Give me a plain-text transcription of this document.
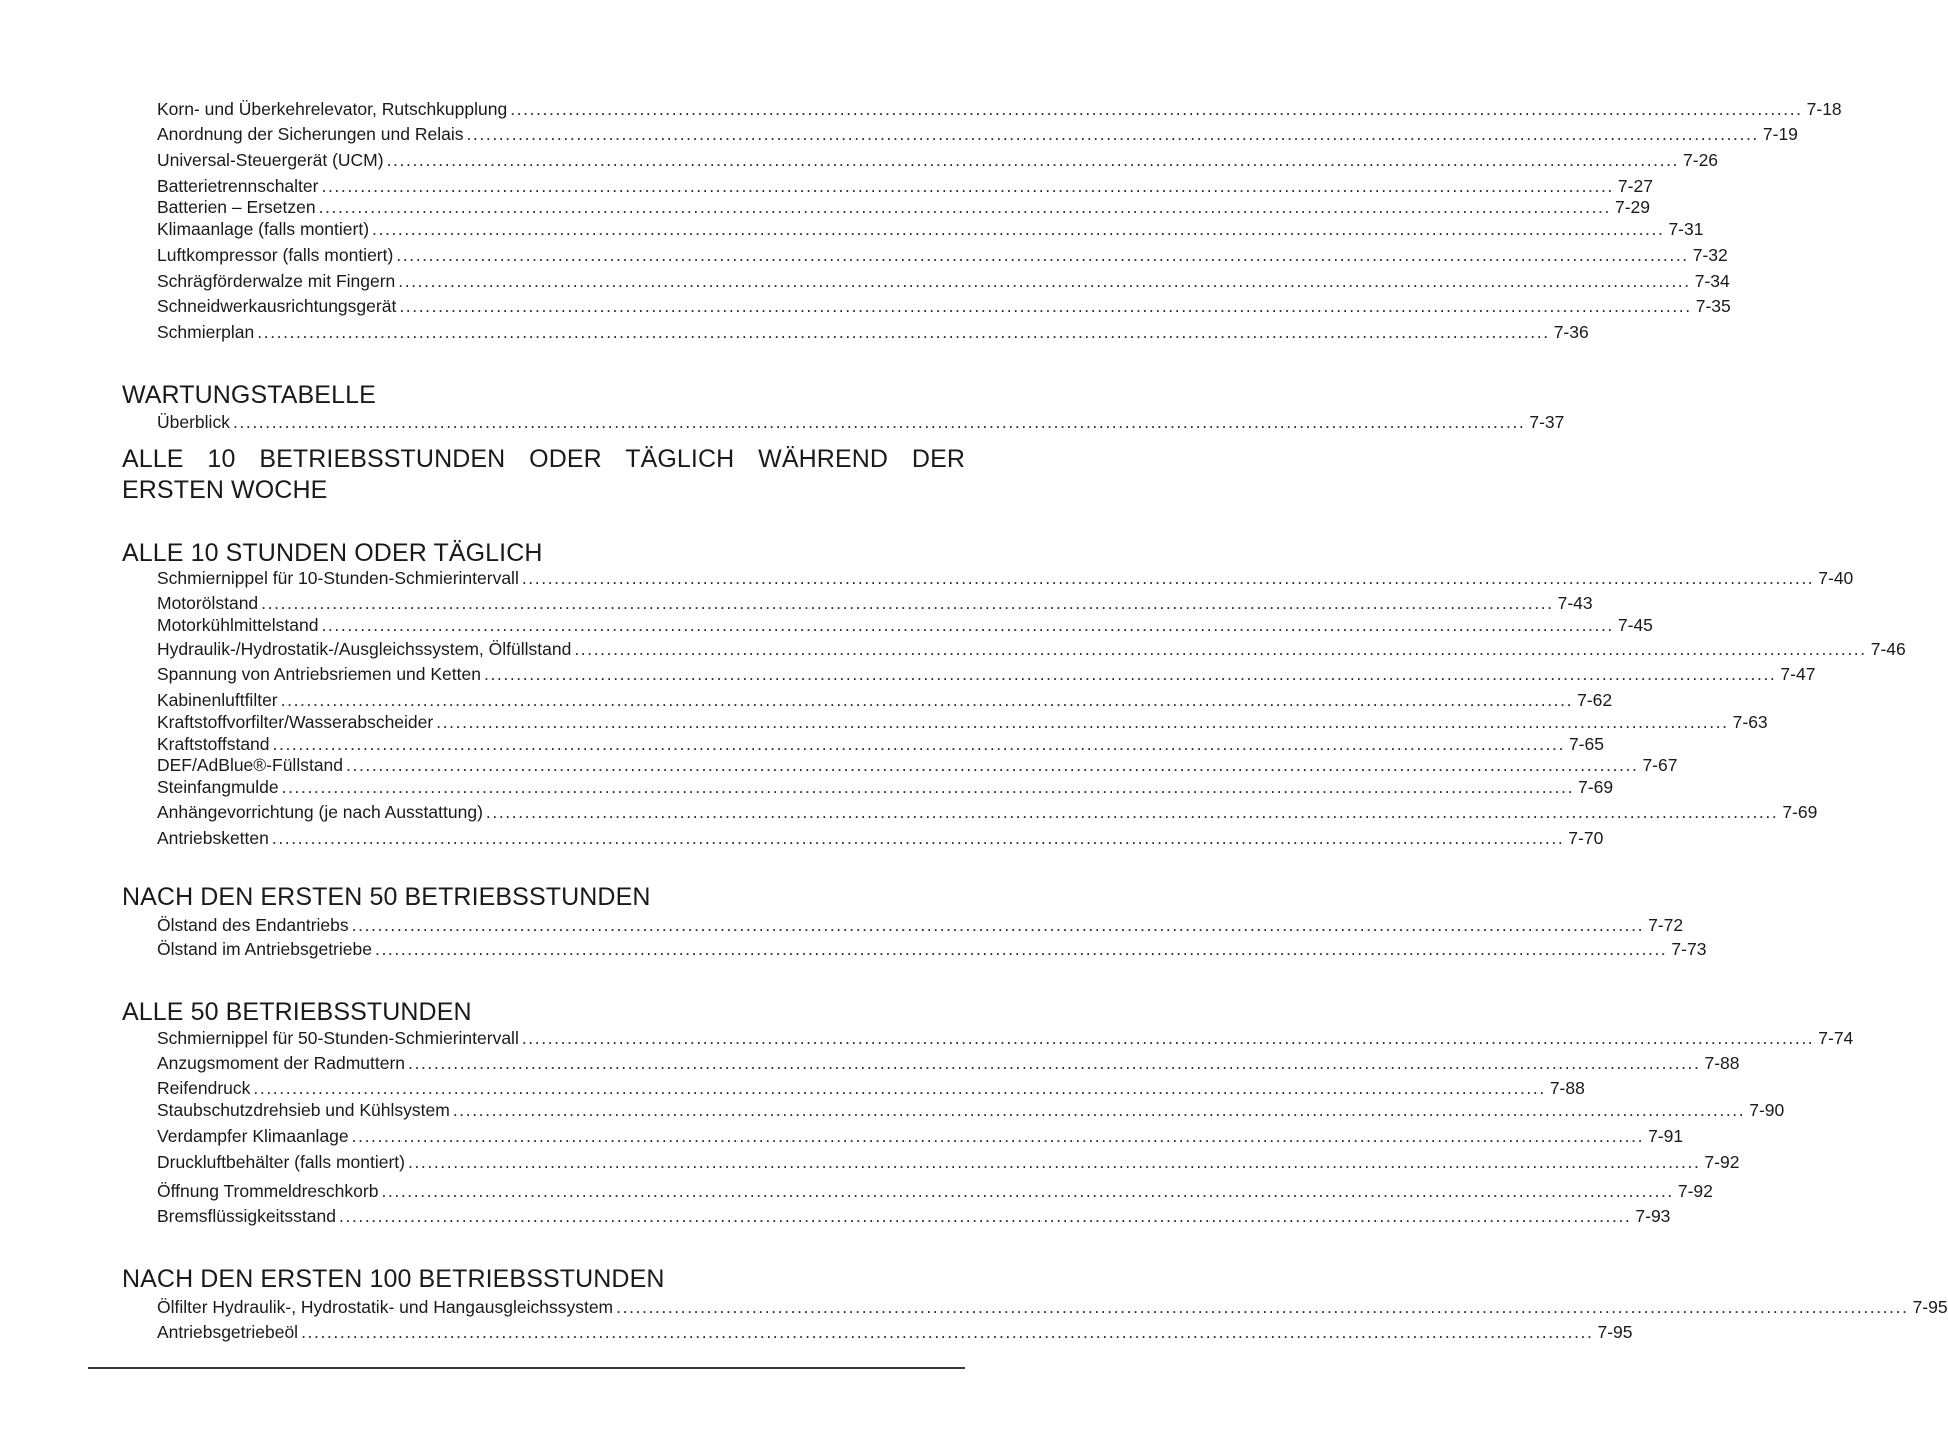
Korn- und Überkehrelevator, Rutschkupplung ........................................................................................................................................................................................................ 7-18
Anordnung der Sicherungen und Relais ........................................................................................................................................................................................................ 7-19
Universal-Steuergerät (UCM) ........................................................................................................................................................................................................ 7-26
Batterietrennschalter ........................................................................................................................................................................................................ 7-27
Batterien – Ersetzen ........................................................................................................................................................................................................ 7-29
Klimaanlage (falls montiert) ........................................................................................................................................................................................................ 7-31
Luftkompressor (falls montiert) ........................................................................................................................................................................................................ 7-32
Schrägförderwalze mit Fingern ........................................................................................................................................................................................................ 7-34
Schneidwerkausrichtungsgerät ........................................................................................................................................................................................................ 7-35
Schmierplan ........................................................................................................................................................................................................ 7-36
WARTUNGSTABELLE
Überblick ........................................................................................................................................................................................................ 7-37
ALLE 10 BETRIEBSSTUNDEN ODER TÄGLICH WÄHREND DER ERSTEN WOCHE
ALLE 10 STUNDEN ODER TÄGLICH
Schmiernippel für 10-Stunden-Schmierintervall ........................................................................................................................................................................................................ 7-40
Motorölstand ........................................................................................................................................................................................................ 7-43
Motorkühlmittelstand ........................................................................................................................................................................................................ 7-45
Hydraulik-/Hydrostatik-/Ausgleichssystem, Ölfüllstand ........................................................................................................................................................................................................ 7-46
Spannung von Antriebsriemen und Ketten ........................................................................................................................................................................................................ 7-47
Kabinenluftfilter ........................................................................................................................................................................................................ 7-62
Kraftstoffvorfilter/Wasserabscheider ........................................................................................................................................................................................................ 7-63
Kraftstoffstand ........................................................................................................................................................................................................ 7-65
DEF/AdBlue®-Füllstand ........................................................................................................................................................................................................ 7-67
Steinfangmulde ........................................................................................................................................................................................................ 7-69
Anhängevorrichtung (je nach Ausstattung) ........................................................................................................................................................................................................ 7-69
Antriebsketten ........................................................................................................................................................................................................ 7-70
NACH DEN ERSTEN 50 BETRIEBSSTUNDEN
Ölstand des Endantriebs ........................................................................................................................................................................................................ 7-72
Ölstand im Antriebsgetriebe ........................................................................................................................................................................................................ 7-73
ALLE 50 BETRIEBSSTUNDEN
Schmiernippel für 50-Stunden-Schmierintervall ........................................................................................................................................................................................................ 7-74
Anzugsmoment der Radmuttern ........................................................................................................................................................................................................ 7-88
Reifendruck ........................................................................................................................................................................................................ 7-88
Staubschutzdrehsieb und Kühlsystem ........................................................................................................................................................................................................ 7-90
Verdampfer Klimaanlage ........................................................................................................................................................................................................ 7-91
Druckluftbehälter (falls montiert) ........................................................................................................................................................................................................ 7-92
Öffnung Trommeldreschkorb ........................................................................................................................................................................................................ 7-92
Bremsflüssigkeitsstand ........................................................................................................................................................................................................ 7-93
NACH DEN ERSTEN 100 BETRIEBSSTUNDEN
Ölfilter Hydraulik-, Hydrostatik- und Hangausgleichssystem ........................................................................................................................................................................................................ 7-95
Antriebsgetriebeöl ........................................................................................................................................................................................................ 7-95
